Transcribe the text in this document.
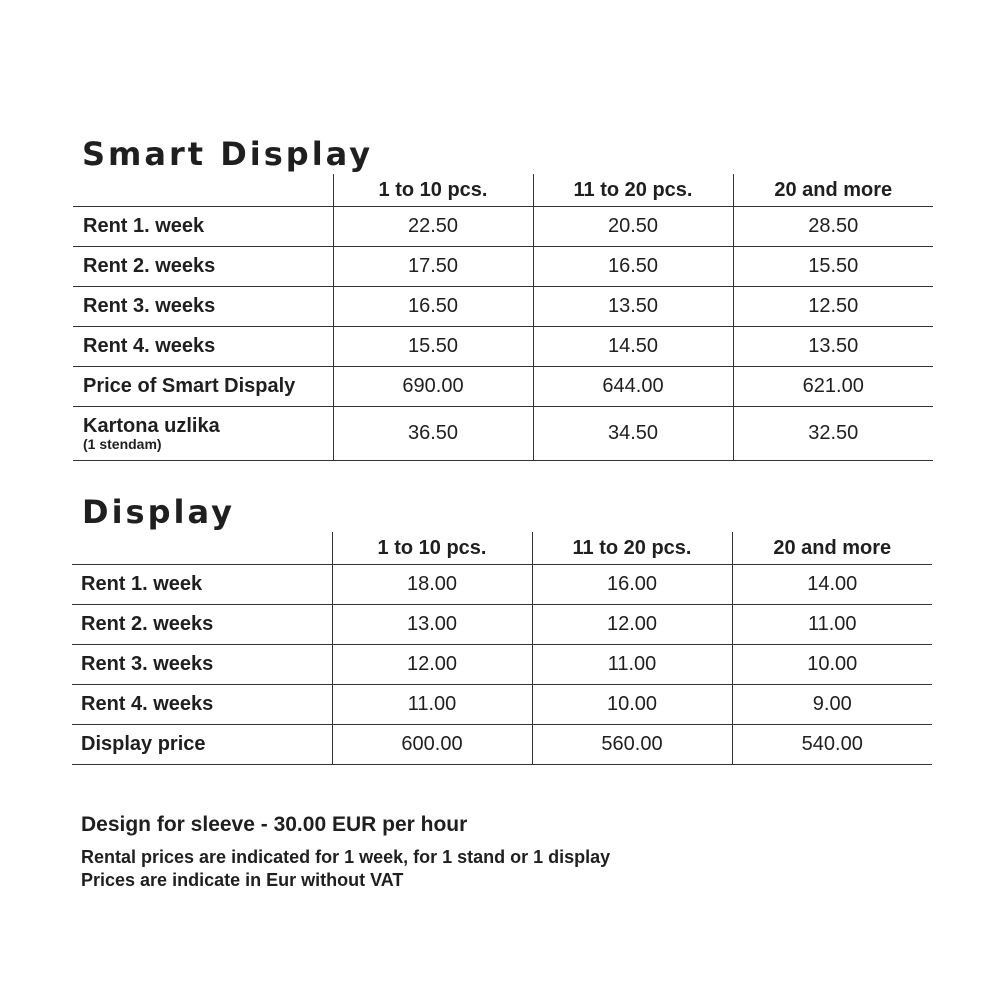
Smart Display
	1 to 10 pcs.	11 to 20 pcs.	20 and more
Rent 1. week	22.50	20.50	28.50
Rent 2. weeks	17.50	16.50	15.50
Rent 3. weeks	16.50	13.50	12.50
Rent 4. weeks	15.50	14.50	13.50
Price of Smart Dispaly	690.00	644.00	621.00

Kartona uzlika
(1 stendam)	36.50	34.50	32.50
Display
	1 to 10 pcs.	11 to 20 pcs.	20 and more
Rent 1. week	18.00	16.00	14.00
Rent 2. weeks	13.00	12.00	11.00
Rent 3. weeks	12.00	11.00	10.00
Rent 4. weeks	11.00	10.00	9.00
Display price	600.00	560.00	540.00

Design for sleeve - 30.00 EUR per hour

Rental prices are indicated for 1 week, for 1 stand or 1 display

Prices are indicate in Eur without VAT
